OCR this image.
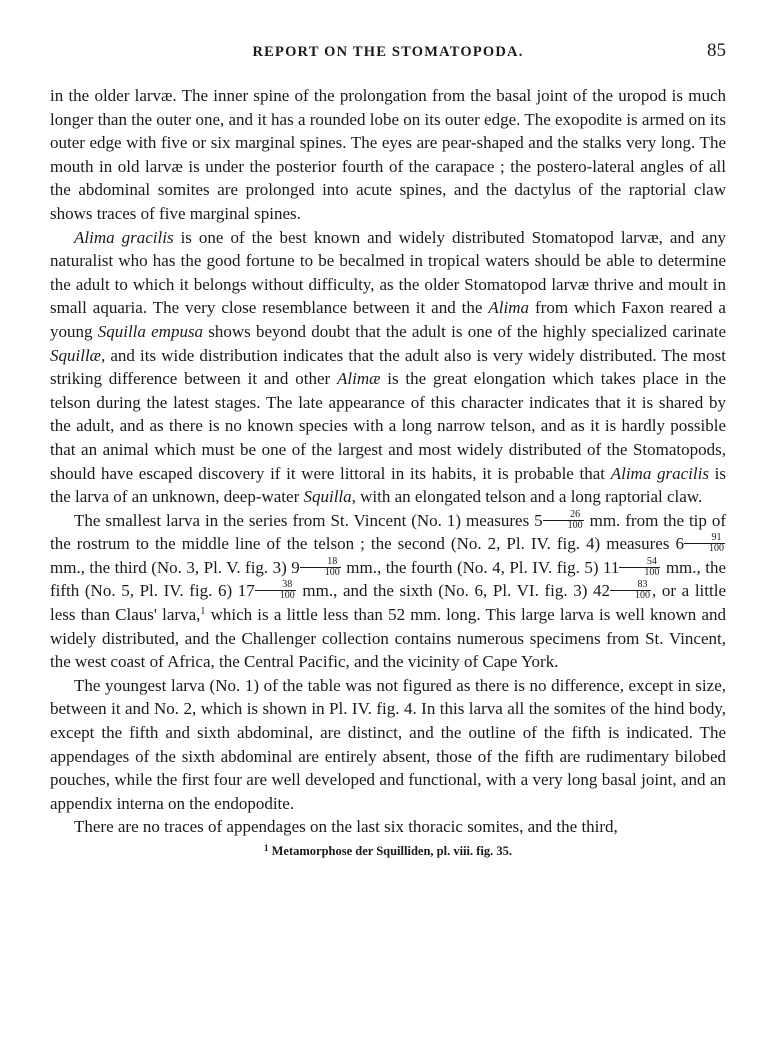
REPORT ON THE STOMATOPODA.	85

in the older larvæ. The inner spine of the prolongation from the basal joint of the uropod is much longer than the outer one, and it has a rounded lobe on its outer edge. The exopodite is armed on its outer edge with five or six marginal spines. The eyes are pear-shaped and the stalks very long. The mouth in old larvæ is under the posterior fourth of the carapace ; the postero-lateral angles of all the abdominal somites are prolonged into acute spines, and the dactylus of the raptorial claw shows traces of five marginal spines.

Alima gracilis is one of the best known and widely distributed Stomatopod larvæ, and any naturalist who has the good fortune to be becalmed in tropical waters should be able to determine the adult to which it belongs without difficulty, as the older Stomatopod larvæ thrive and moult in small aquaria. The very close resemblance between it and the Alima from which Faxon reared a young Squilla empusa shows beyond doubt that the adult is one of the highly specialized carinate Squillæ, and its wide distribution indicates that the adult also is very widely distributed. The most striking difference between it and other Alimæ is the great elongation which takes place in the telson during the latest stages. The late appearance of this character indicates that it is shared by the adult, and as there is no known species with a long narrow telson, and as it is hardly possible that an animal which must be one of the largest and most widely distributed of the Stomatopods, should have escaped discovery if it were littoral in its habits, it is probable that Alima gracilis is the larva of an unknown, deep-water Squilla, with an elongated telson and a long raptorial claw.

The smallest larva in the series from St. Vincent (No. 1) measures $5 \frac{26}{100}$ mm. from the tip of the rostrum to the middle line of the telson ; the second (No. 2, Pl. IV. fig. 4) measures $6 \frac{91}{100}$
mm., the third (No. 3, Pl. V. fig. 3) $9 \frac{18}{100}$ mm., the fourth (No. 4, Pl. IV. fig. 5) $11 \frac{54}{100}$ mm., the fifth (No. 5, Pl. IV. fig. 6) $17 \frac{38}{100}$ mm., and the sixth (No. 6, Pl. VI. fig. 3) $42 \frac{83}{100}$ , or a little less than Claus' larva,$^1$ which is a little less than 52 mm. long. This large larva is well known and widely distributed, and the Challenger collection contains numerous specimens from St. Vincent, the west coast of Africa, the Central Pacific, and the vicinity of Cape York.

The youngest larva (No. 1) of the table was not figured as there is no difference, except in size, between it and No. 2, which is shown in Pl. IV. fig. 4. In this larva all the somites of the hind body, except the fifth and sixth abdominal, are distinct, and the outline of the fifth is indicated. The appendages of the sixth abdominal are entirely absent, those of the fifth are rudimentary bilobed pouches, while the first four are well developed and functional, with a very long basal joint, and an appendix interna on the endopodite.

There are no traces of appendages on the last six thoracic somites, and the third,

$^1$ Metamorphose der Squilliden, pl. viii. fig. 35.
